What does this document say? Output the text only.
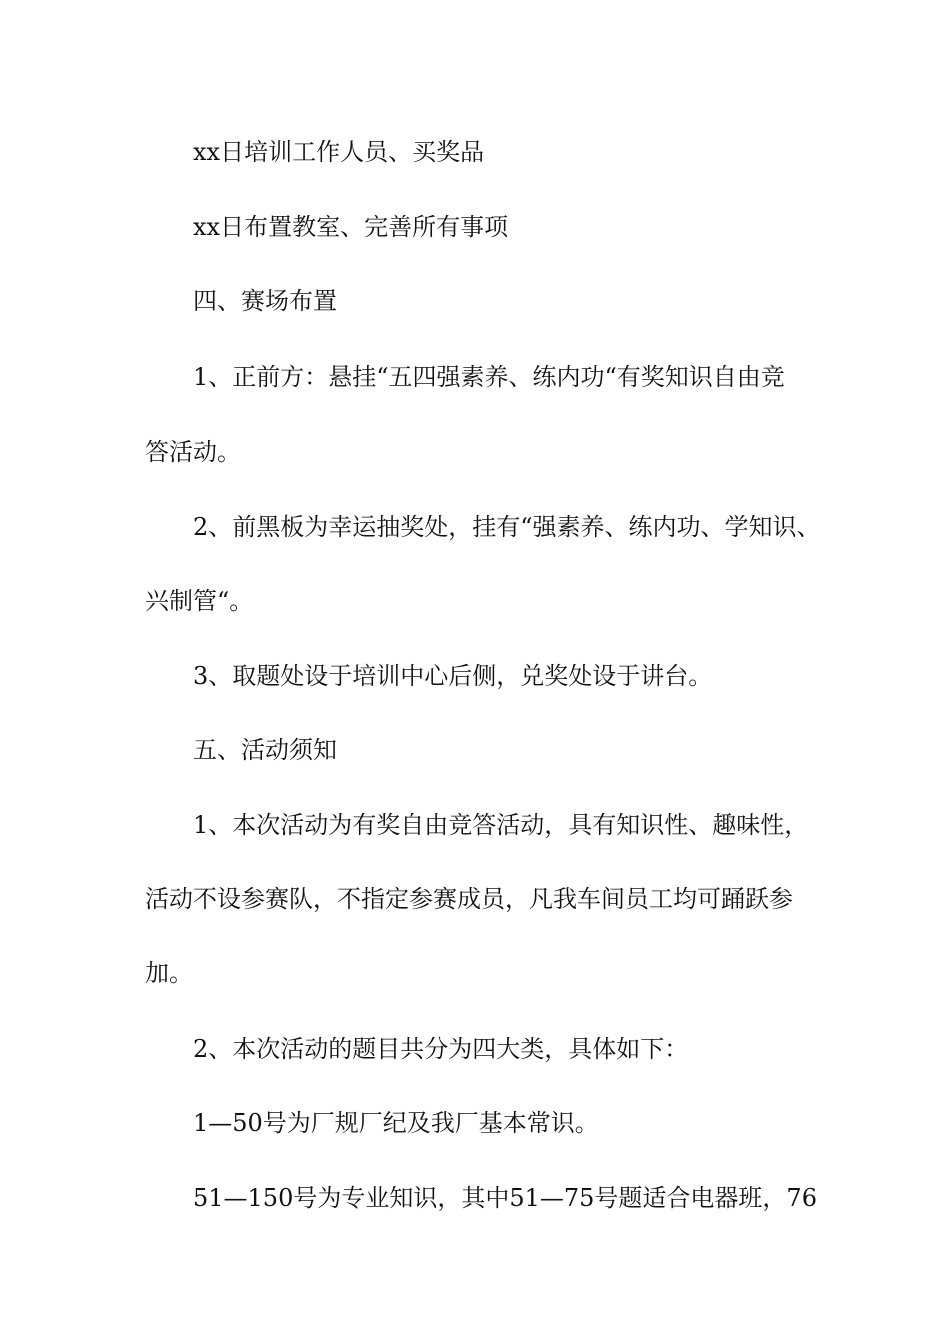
xx日培训工作人员、买奖品
xx日布置教室、完善所有事项
四、赛场布置
1、正前方：悬挂“五四强素养、练内功“有奖知识自由竞
答活动。
2、前黑板为幸运抽奖处，挂有“强素养、练内功、学知识、
兴制管“。
3、取题处设于培训中心后侧，兑奖处设于讲台。
五、活动须知
1、本次活动为有奖自由竞答活动，具有知识性、趣味性，
活动不设参赛队，不指定参赛成员，凡我车间员工均可踊跃参
加。
2、本次活动的题目共分为四大类，具体如下：
1—50号为厂规厂纪及我厂基本常识。
51—150号为专业知识，其中51—75号题适合电器班，76
